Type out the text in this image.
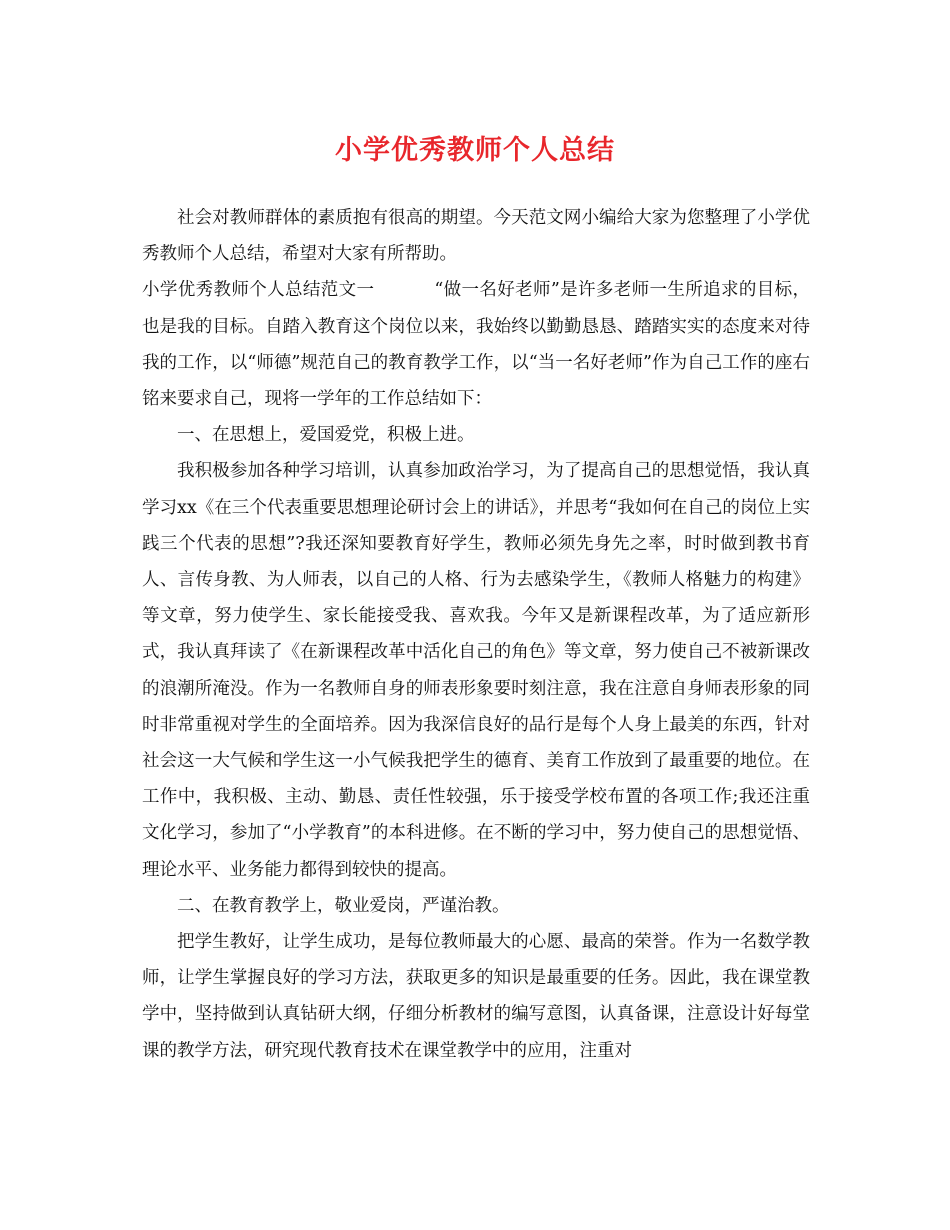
小学优秀教师个人总结

社会对教师群体的素质抱有很高的期望。今天范文网小编给大家为您整理了小学优秀教师个人总结，希望对大家有所帮助。

小学优秀教师个人总结范文一	“做一名好老师”是许多老师一生所追求的目标，也是我的目标。自踏入教育这个岗位以来，我始终以勤勤恳恳、踏踏实实的态度来对待我的工作，以“师德”规范自己的教育教学工作，以“当一名好老师”作为自己工作的座右铭来要求自己，现将一学年的工作总结如下：

一、在思想上，爱国爱党，积极上进。

我积极参加各种学习培训，认真参加政治学习，为了提高自己的思想觉悟，我认真学习xx《在三个代表重要思想理论研讨会上的讲话》，并思考“我如何在自己的岗位上实践三个代表的思想”?我还深知要教育好学生，教师必须先身先之率，时时做到教书育人、言传身教、为人师表，以自己的人格、行为去感染学生，《教师人格魅力的构建》等文章，努力使学生、家长能接受我、喜欢我。今年又是新课程改革，为了适应新形式，我认真拜读了《在新课程改革中活化自己的角色》等文章，努力使自己不被新课改的浪潮所淹没。作为一名教师自身的师表形象要时刻注意，我在注意自身师表形象的同时非常重视对学生的全面培养。因为我深信良好的品行是每个人身上最美的东西，针对社会这一大气候和学生这一小气候我把学生的德育、美育工作放到了最重要的地位。在工作中，我积极、主动、勤恳、责任性较强，乐于接受学校布置的各项工作;我还注重文化学习，参加了“小学教育”的本科进修。在不断的学习中，努力使自己的思想觉悟、理论水平、业务能力都得到较快的提高。

二、在教育教学上，敬业爱岗，严谨治教。

把学生教好，让学生成功，是每位教师最大的心愿、最高的荣誉。作为一名数学教师，让学生掌握良好的学习方法，获取更多的知识是最重要的任务。因此，我在课堂教学中，坚持做到认真钻研大纲，仔细分析教材的编写意图，认真备课，注意设计好每堂课的教学方法，研究现代教育技术在课堂教学中的应用，注重对
